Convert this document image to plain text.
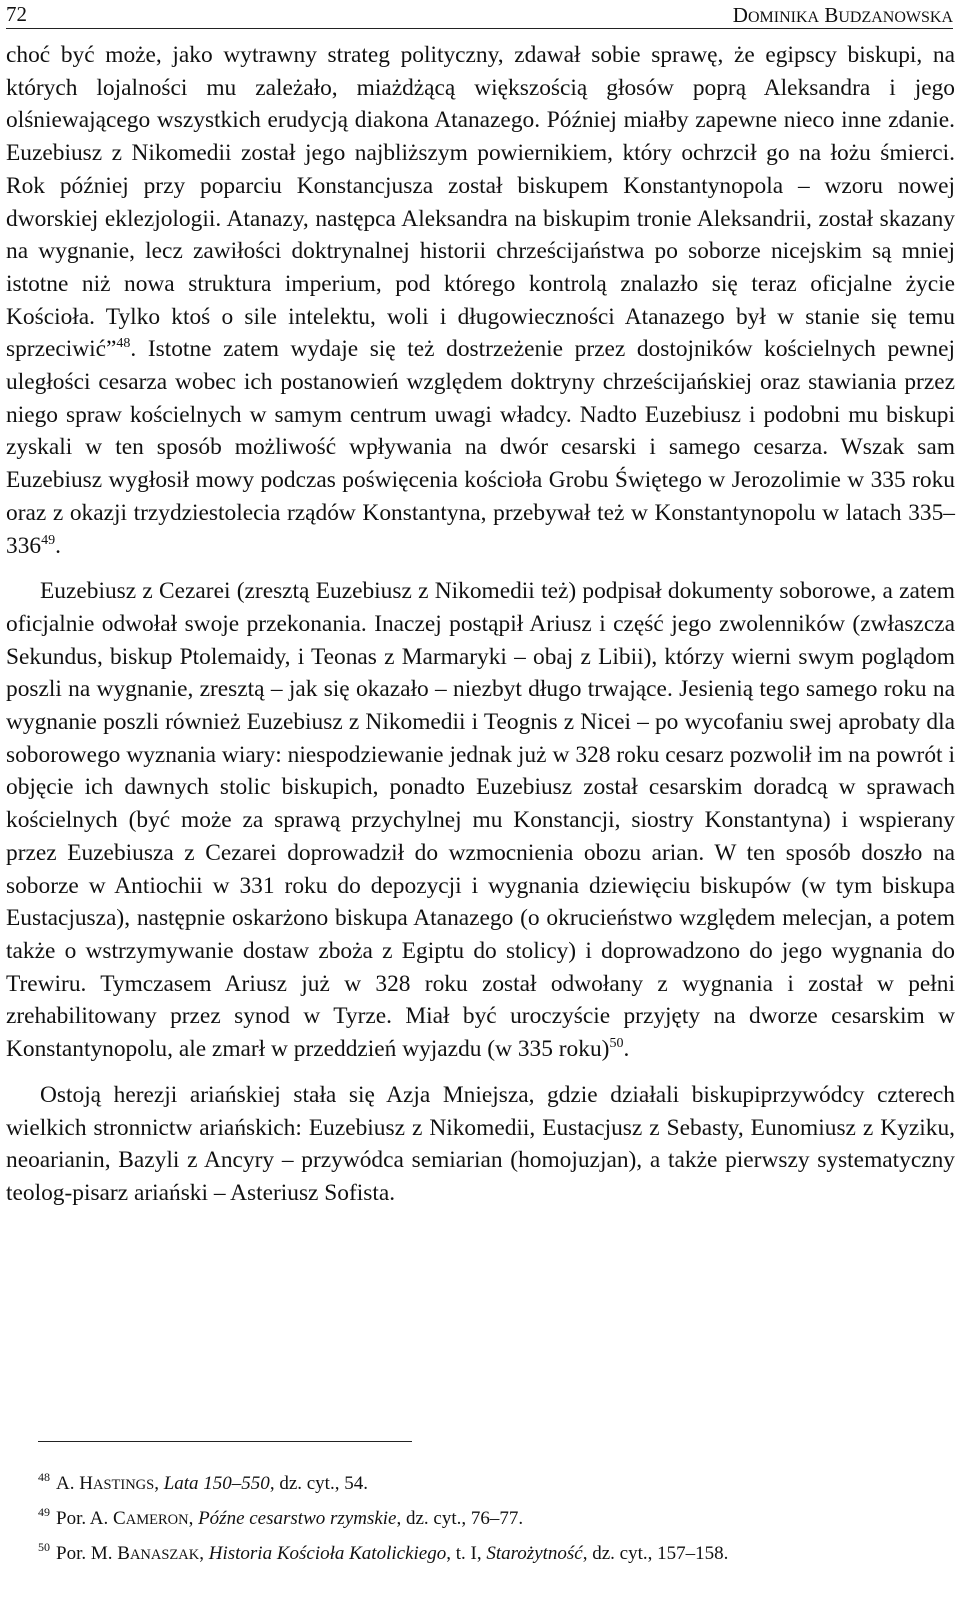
72	DOMINIKA BUDZANOWSKA

choć być może, jako wytrawny strateg polityczny, zdawał sobie sprawę, że egipscy biskupi, na których lojalności mu zależało, miażdżącą większością głosów poprą Aleksandra i jego olśniewającego wszystkich erudycją diakona Atanazego. Później miałby zapewne nieco inne zdanie. Euzebiusz z Nikomedii został jego najbliższym powiernikiem, który ochrzcił go na łożu śmierci. Rok później przy poparciu Konstancjusza został biskupem Konstantynopola – wzoru nowej dworskiej eklezjologii. Atanazy, następca Aleksandra na biskupim tronie Aleksandrii, został skazany na wygnanie, lecz zawiłości doktrynalnej historii chrześcijaństwa po soborze nicejskim są mniej istotne niż nowa struktura imperium, pod którego kontrolą znalazło się teraz oficjalne życie Kościoła. Tylko ktoś o sile intelektu, woli i długowieczności Atanazego był w stanie się temu sprzeciwić”$^{48}$. Istotne zatem wydaje się też dostrzeżenie przez dostojników kościelnych pewnej uległości cesarza wobec ich postanowień względem doktryny chrześcijańskiej oraz stawiania przez niego spraw kościelnych w samym centrum uwagi władcy. Nadto Euzebiusz i podobni mu biskupi zyskali w ten sposób możliwość wpływania na dwór cesarski i samego cesarza. Wszak sam Euzebiusz wygłosił mowy podczas poświęcenia kościoła Grobu Świętego w Jerozolimie w 335 roku oraz z okazji trzydziestolecia rządów Konstantyna, przebywał też w Konstantynopolu w latach 335–336$^{49}$.

Euzebiusz z Cezarei (zresztą Euzebiusz z Nikomedii też) podpisał dokumenty soborowe, a zatem oficjalnie odwołał swoje przekonania. Inaczej postąpił Ariusz i część jego zwolenników (zwłaszcza Sekundus, biskup Ptolemaidy, i Teonas z Marmaryki – obaj z Libii), którzy wierni swym poglądom poszli na wygnanie, zresztą – jak się okazało – niezbyt długo trwające. Jesienią tego samego roku na wygnanie poszli również Euzebiusz z Nikomedii i Teognis z Nicei – po wycofaniu swej aprobaty dla soborowego wyznania wiary: niespodziewanie jednak już w 328 roku cesarz pozwolił im na powrót i objęcie ich dawnych stolic biskupich, ponadto Euzebiusz został cesarskim doradcą w sprawach kościelnych (być może za sprawą przychylnej mu Konstancji, siostry Konstantyna) i wspierany przez Euzebiusza z Cezarei doprowadził do wzmocnienia obozu arian. W ten sposób doszło na soborze w Antiochii w 331 roku do depozycji i wygnania dziewięciu biskupów (w tym biskupa Eustacjusza), następnie oskarżono biskupa Atanazego (o okrucieństwo względem melecjan, a potem także o wstrzymywanie dostaw zboża z Egiptu do stolicy) i doprowadzono do jego wygnania do Trewiru. Tymczasem Ariusz już w 328 roku został odwołany z wygnania i został w pełni zrehabilitowany przez synod w Tyrze. Miał być uroczyście przyjęty na dworze cesarskim w Konstantynopolu, ale zmarł w przeddzień wyjazdu (w 335 roku)$^{50}$.

Ostoją herezji ariańskiej stała się Azja Mniejsza, gdzie działali biskupiprzywódcy czterech wielkich stronnictw ariańskich: Euzebiusz z Nikomedii, Eustacjusz z Sebasty, Eunomiusz z Kyziku, neoarianin, Bazyli z Ancyry – przywódca semiarian (homojuzjan), a także pierwszy systematyczny teolog-pisarz ariański – Asteriusz Sofista.

$^{48}$ A. HASTINGS, Lata 150–550, dz. cyt., 54.
$^{49}$ Por. A. CAMERON, Późne cesarstwo rzymskie, dz. cyt., 76–77.
$^{50}$ Por. M. BANASZAK, Historia Kościoła Katolickiego, t. I, Starożytność, dz. cyt., 157–158.
